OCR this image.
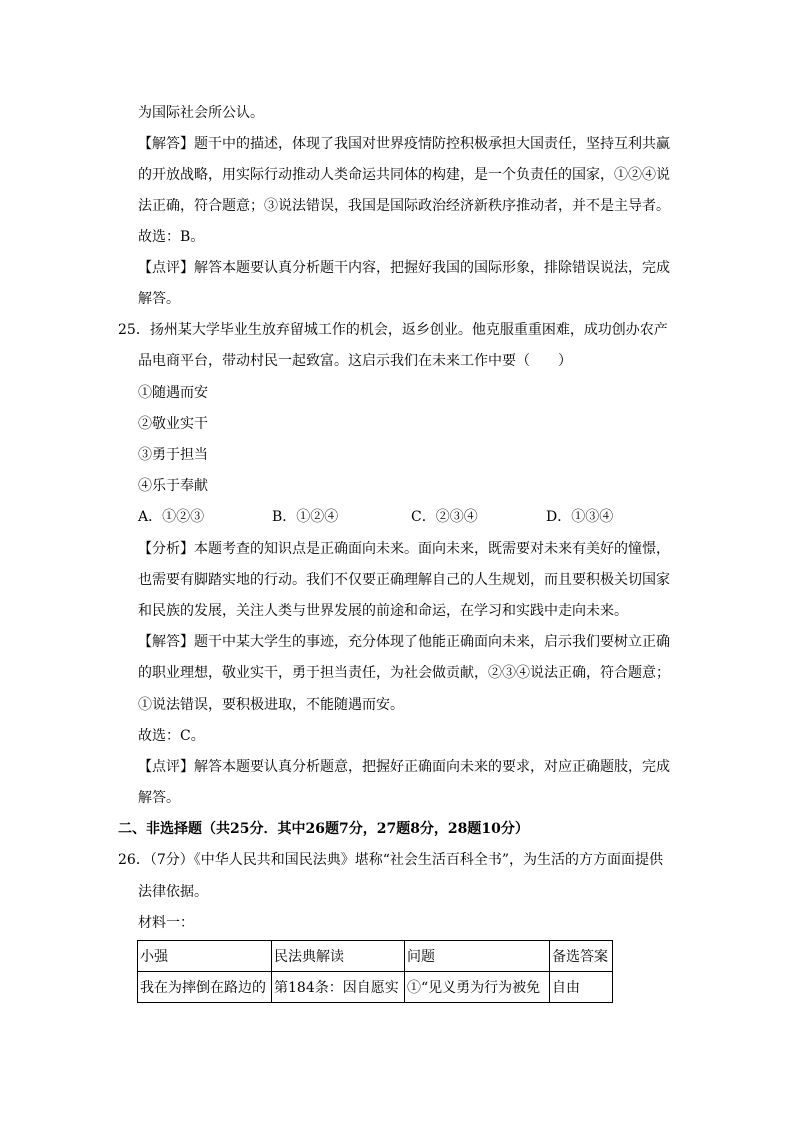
为国际社会所公认。
【解答】题干中的描述，体现了我国对世界疫情防控积极承担大国责任，坚持互利共赢
的开放战略，用实际行动推动人类命运共同体的构建，是一个负责任的国家，①②④说
法正确，符合题意；③说法错误，我国是国际政治经济新秩序推动者，并不是主导者。
故选：B。
【点评】解答本题要认真分析题干内容，把握好我国的国际形象，排除错误说法，完成
解答。
25．扬州某大学毕业生放弃留城工作的机会，返乡创业。他克服重重困难，成功创办农产
品电商平台，带动村民一起致富。这启示我们在未来工作中要（　　）
①随遇而安
②敬业实干
③勇于担当
④乐于奉献
A．①②③	B．①②④	C．②③④	D．①③④
【分析】本题考查的知识点是正确面向未来。面向未来，既需要对未来有美好的憧憬，
也需要有脚踏实地的行动。我们不仅要正确理解自己的人生规划，而且要积极关切国家
和民族的发展，关注人类与世界发展的前途和命运，在学习和实践中走向未来。
【解答】题干中某大学生的事迹，充分体现了他能正确面向未来，启示我们要树立正确
的职业理想，敬业实干，勇于担当责任，为社会做贡献，②③④说法正确，符合题意；
①说法错误，要积极进取，不能随遇而安。
故选：C。
【点评】解答本题要认真分析题意，把握好正确面向未来的要求，对应正确题肢，完成
解答。
二、非选择题（共25分．其中26题7分，27题8分，28题10分）
26．（7分）《中华人民共和国民法典》堪称“社会生活百科全书”，为生活的方方面面提供
法律依据。
材料一：
小强	民法典解读	问题	备选答案
我在为摔倒在路边的	第184条：因自愿实	①“见义勇为行为被免	自由
